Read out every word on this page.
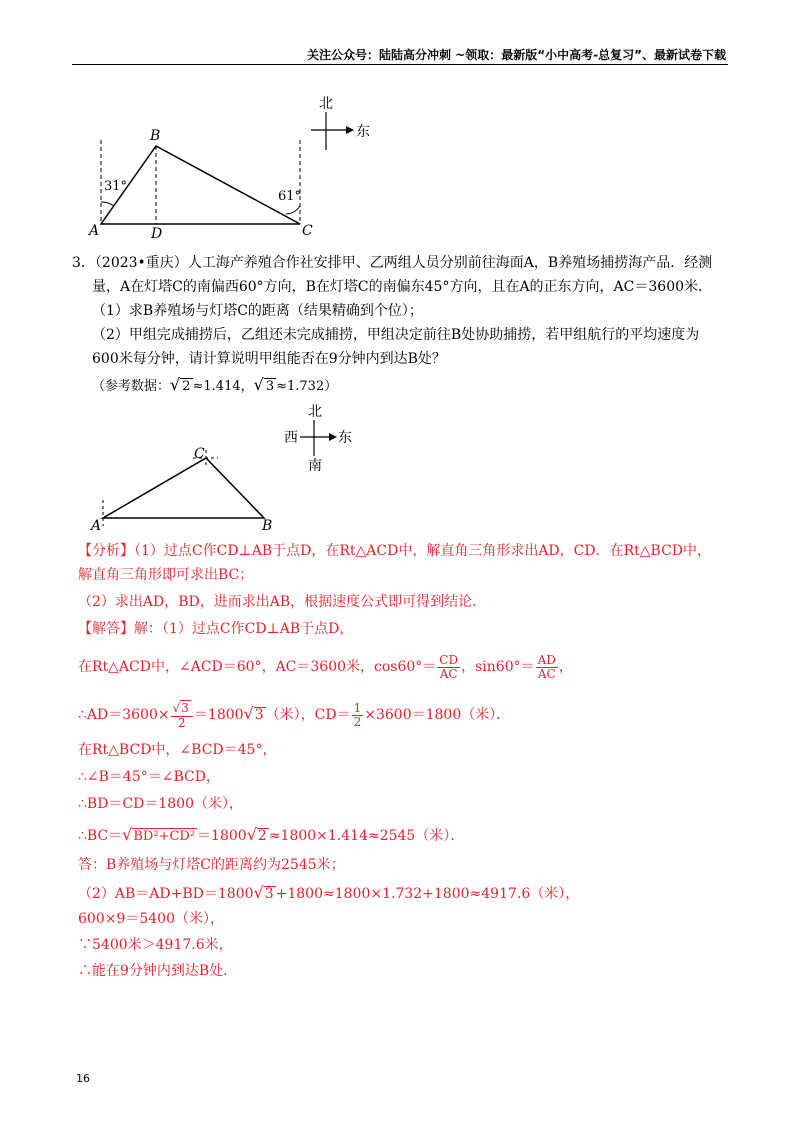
关注公众号：陆陆高分冲刺 ~领取：最新版“小中高考-总复习”、最新试卷下载
31°
61°
B
A	D	C
北
东
3．（2023•重庆）人工海产养殖合作社安排甲、乙两组人员分别前往海面A，B养殖场捕捞海产品．经测
量，A在灯塔C的南偏西60°方向，B在灯塔C的南偏东45°方向，且在A的正东方向，AC＝3600米．
（1）求B养殖场与灯塔C的距离（结果精确到个位）；
（2）甲组完成捕捞后，乙组还未完成捕捞，甲组决定前往B处协助捕捞，若甲组航行的平均速度为
600米每分钟，请计算说明甲组能否在9分钟内到达B处？
（参考数据：√ 2 ≈1.414，√ 3 ≈1.732）
C
A	B
北
南
西	东
【分析】（1）过点C作CD⊥AB于点D，在Rt△ACD中，解直角三角形求出AD，CD．在Rt△BCD中，
解直角三角形即可求出BC；
（2）求出AD，BD，进而求出AB，根据速度公式即可得到结论．
【解答】解：（1）过点C作CD⊥AB于点D，
在Rt△ACD中，∠ACD＝60°，AC＝3600米，$\cos 60^\circ= \frac{CD}{AC}$ ，$\sin 60^\circ= \frac{AD}{AC}$ ，
∴AD＝3600× $\frac{√3}{2} =1800√3$ （米），$CD= \frac{1}{2} \times 3600=1800$（米）．
在Rt△BCD中，∠BCD＝45°，
∴∠B＝45°＝∠BCD，
∴BD＝CD＝1800（米），
∴BC＝√BD²+CD² ＝1800√2 ≈1800×1.414≈2545（米）．
答：B养殖场与灯塔C的距离约为2545米；
（2）AB＝AD+BD＝1800√3 +1800≈1800×1.732+1800≈4917.6（米），
600×9＝5400（米），
∵5400米＞4917.6米，
∴能在9分钟内到达B处．
16
